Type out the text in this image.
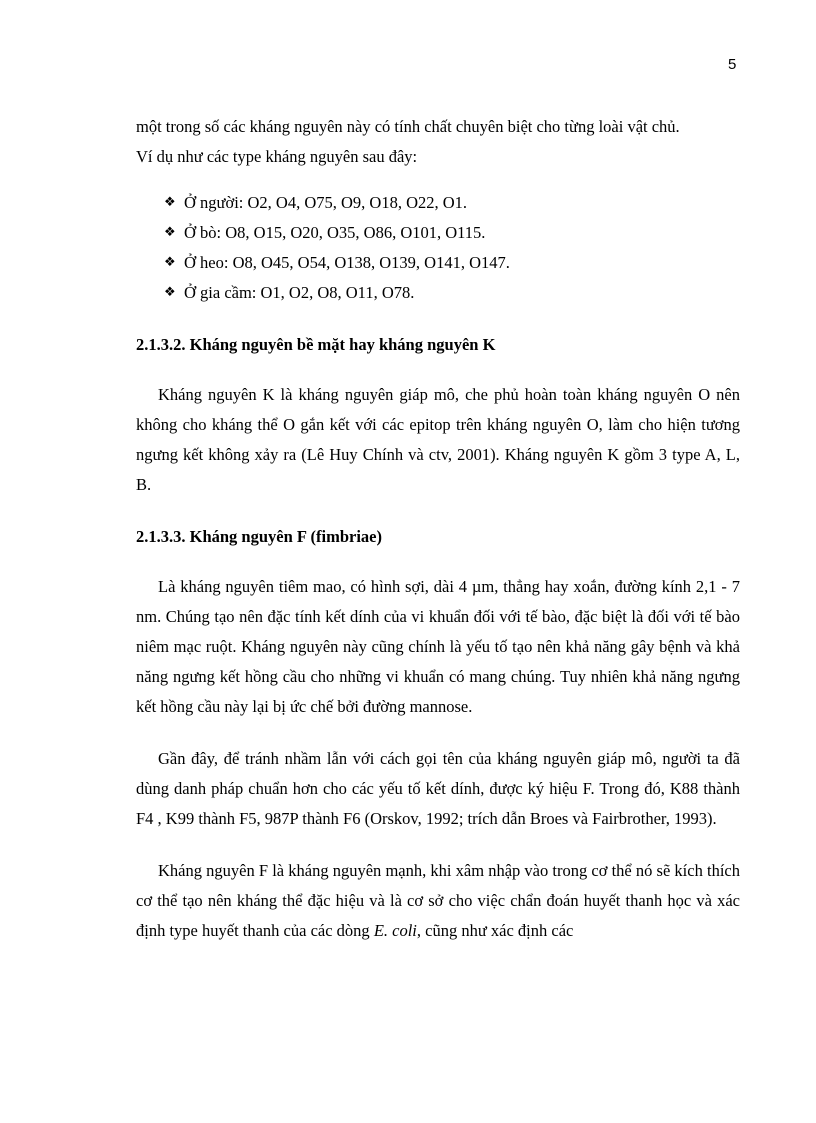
5

một trong số các kháng nguyên này có tính chất chuyên biệt cho từng loài vật chủ.

Ví dụ như các type kháng nguyên sau đây:

❖ Ở người: O2, O4, O75, O9, O18, O22, O1.
❖ Ở bò: O8, O15, O20, O35, O86, O101, O115.
❖ Ở heo: O8, O45, O54, O138, O139, O141, O147.
❖ Ở gia cầm: O1, O2, O8, O11, O78.
2.1.3.2. Kháng nguyên bề mặt hay kháng nguyên K

Kháng nguyên K là kháng nguyên giáp mô, che phủ hoàn toàn kháng nguyên O nên không cho kháng thể O gắn kết với các epitop trên kháng nguyên O, làm cho hiện tương ngưng kết không xảy ra (Lê Huy Chính và ctv, 2001). Kháng nguyên K gồm 3 type A, L, B.

2.1.3.3. Kháng nguyên F (fimbriae)

Là kháng nguyên tiêm mao, có hình sợi, dài 4 µm, thẳng hay xoắn, đường kính 2,1 - 7 nm. Chúng tạo nên đặc tính kết dính của vi khuẩn đối với tế bào, đặc biệt là đối với tế bào niêm mạc ruột. Kháng nguyên này cũng chính là yếu tố tạo nên khả năng gây bệnh và khả năng ngưng kết hồng cầu cho những vi khuẩn có mang chúng. Tuy nhiên khả năng ngưng kết hồng cầu này lại bị ức chế bởi đường mannose.

Gần đây, để tránh nhầm lẫn với cách gọi tên của kháng nguyên giáp mô, người ta đã dùng danh pháp chuẩn hơn cho các yếu tố kết dính, được ký hiệu F. Trong đó, K88 thành F4 , K99 thành F5, 987P thành F6 (Orskov, 1992; trích dẫn Broes và Fairbrother, 1993).

Kháng nguyên F là kháng nguyên mạnh, khi xâm nhập vào trong cơ thể nó sẽ kích thích cơ thể tạo nên kháng thể đặc hiệu và là cơ sở cho việc chẩn đoán huyết thanh học và xác định type huyết thanh của các dòng E. coli, cũng như xác định các
